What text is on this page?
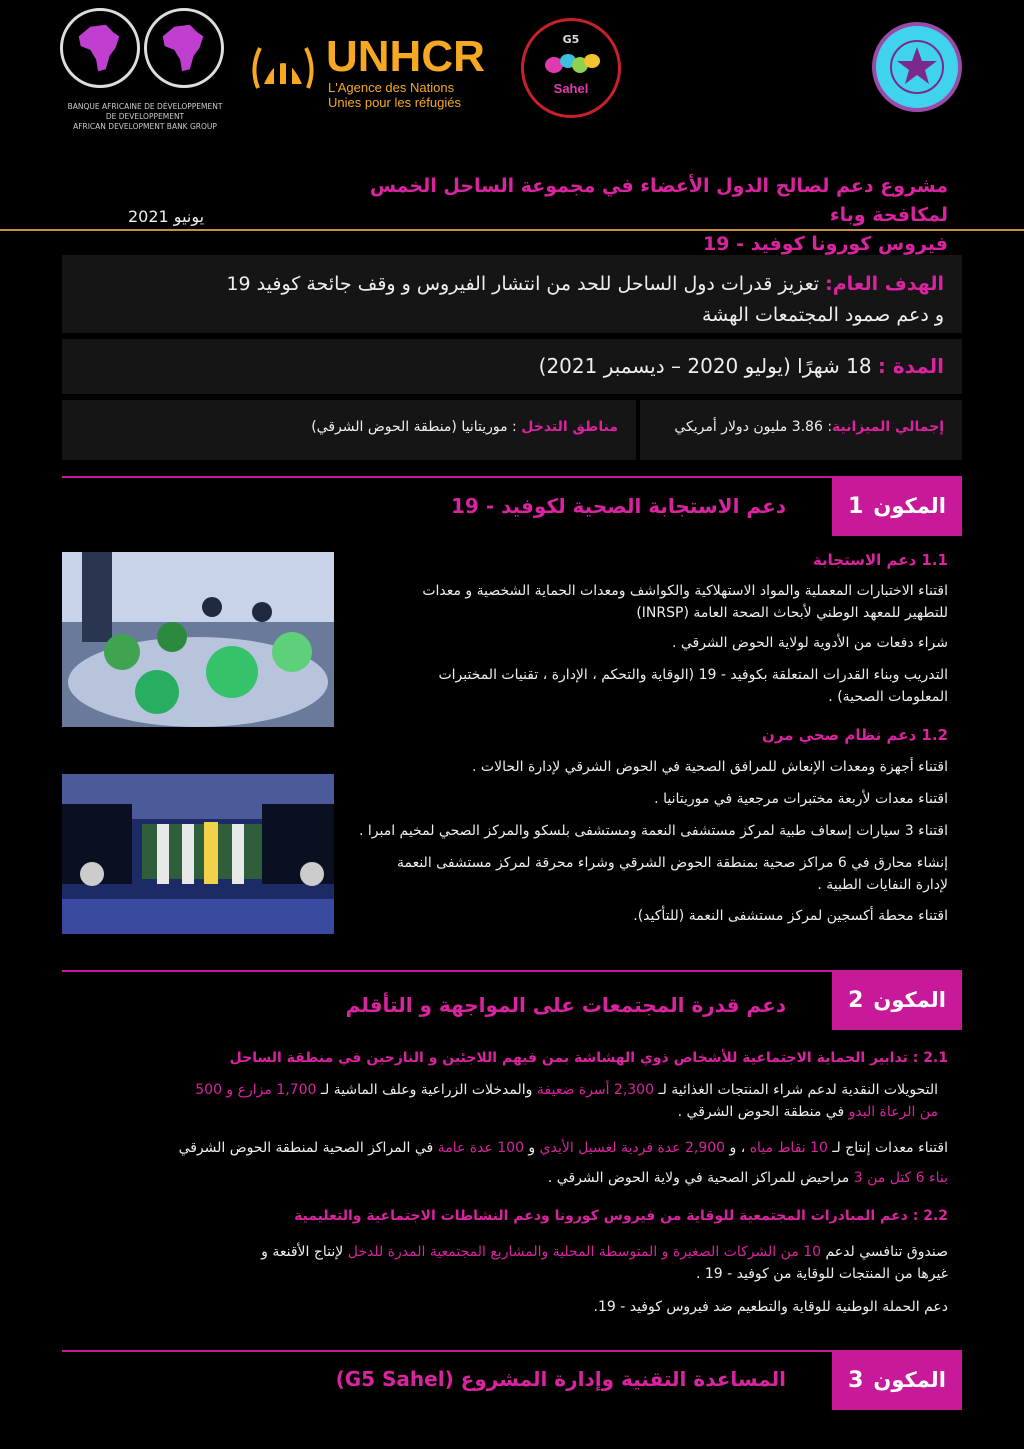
BANQUE AFRICAINE DE DÉVELOPPEMENT
DE DEVELOPPEMENT
AFRICAN DEVELOPMENT BANK GROUP
UNHCR
L'Agence des Nations
Unies pour les réfugiés
G5
Sahel
مشروع دعم لصالح الدول الأعضاء في مجموعة الساحل الخمس لمكافحة وباء
فيروس كورونا كوفيد - 19
يونيو 2021
الهدف العام: تعزيز قدرات دول الساحل للحد من انتشار الفيروس و وقف جائحة كوفيد 19 و دعم صمود المجتمعات الهشة
المدة : 18 شهرًا (يوليو 2020 – ديسمبر 2021)
إجمالي الميزانية: 3.86 مليون دولار أمريكي
مناطق التدخل : موريتانيا (منطقة الحوض الشرقي)
المكون
1
دعم الاستجابة الصحية لكوفيد - 19
1.1 دعم الاستجابة
اقتناء الاختبارات المعملية والمواد الاستهلاكية والكواشف ومعدات الحماية الشخصية و معدات للتطهير للمعهد الوطني لأبحاث الصحة العامة (INRSP)
شراء دفعات من الأدوية لولاية الحوض الشرقي .
التدريب وبناء القدرات المتعلقة بكوفيد - 19 (الوقاية والتحكم ، الإدارة ، تقنيات المختبرات المعلومات الصحية) .
1.2 دعم نظام صحي مرن
اقتناء أجهزة ومعدات الإنعاش للمرافق الصحية في الحوض الشرقي لإدارة الحالات .
اقتناء معدات لأربعة مختبرات مرجعية في موريتانيا .
اقتناء 3 سيارات إسعاف طبية لمركز مستشفى النعمة ومستشفى بلسكو والمركز الصحي لمخيم امبرا .
إنشاء محارق في 6 مراكز صحية بمنطقة الحوض الشرقي وشراء محرقة لمركز مستشفى النعمة لإدارة النفايات الطبية .
اقتناء محطة أكسجين لمركز مستشفى النعمة (للتأكيد).
المكون
2
دعم قدرة المجتمعات على المواجهة و التأقلم
2.1 : تدابير الحماية الاجتماعية للأشخاص ذوي الهشاشة بمن فيهم اللاجئين و النازحين في منطقة الساحل
التحويلات النقدية لدعم شراء المنتجات الغذائية لـ 2,300 أسرة ضعيفة والمدخلات الزراعية وعلف الماشية لـ 1,700 مزارع و 500 من الرعاة البدو في منطقة الحوض الشرقي .
اقتناء معدات إنتاج لـ 10 نقاط مياه ، و 2,900 عدة فردية لغسيل الأيدي و 100 عدة عامة في المراكز الصحية لمنطقة الحوض الشرقي
بناء 6 كتل من 3 مراحيض للمراكز الصحية في ولاية الحوض الشرقي .
2.2 : دعم المبادرات المجتمعية للوقاية من فيروس كورونا ودعم النشاطات الاجتماعية والتعليمية
صندوق تنافسي لدعم 10 من الشركات الصغيرة و المتوسطة المحلية والمشاريع المجتمعية المدرة للدخل لإنتاج الأقنعة و غيرها من المنتجات للوقاية من كوفيد - 19 .
دعم الحملة الوطنية للوقاية والتطعيم ضد فيروس كوفيد - 19.
المكون
3
المساعدة التقنية وإدارة المشروع (G5 Sahel)
